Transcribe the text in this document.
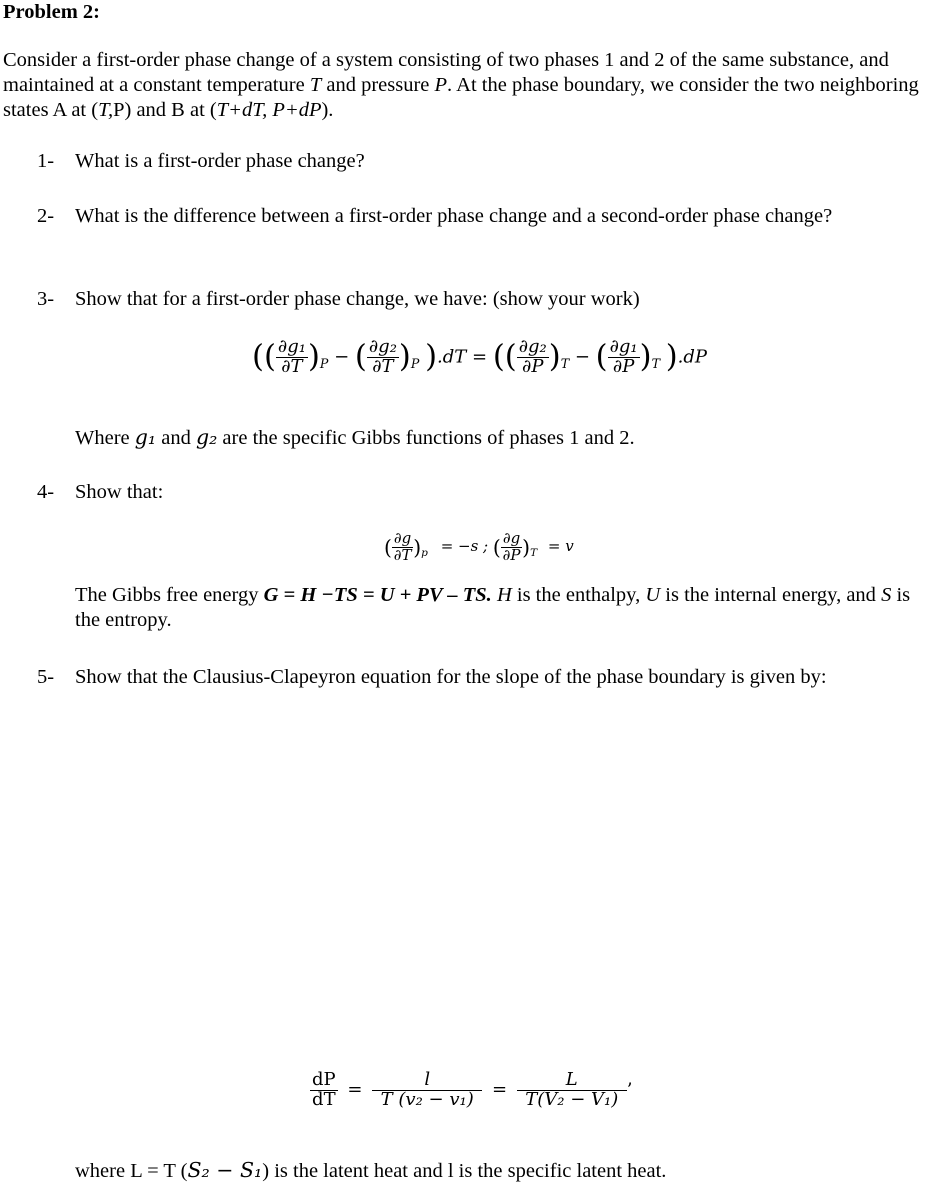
Problem 2:
Consider a first-order phase change of a system consisting of two phases 1 and 2 of the same substance, and maintained at a constant temperature T and pressure P. At the phase boundary, we consider the two neighboring states A at (T,P) and B at (T+dT, P+dP).
1- What is a first-order phase change?
2- What is the difference between a first-order phase change and a second-order phase change?
3- Show that for a first-order phase change, we have: (show your work)
(( $\frac{\text{∂g₁}}{\partial T} )_P$ − ( $\frac{\text{∂g₂}}{\partial T} )_P$ ).dT = (( $\frac{\text{∂g₂}}{\partial P} )_T$ − ( $\frac{\text{∂g₁}}{\partial P} )_T$ ).dP
Where g₁ and g₂ are the specific Gibbs functions of phases 1 and 2.
4- Show that:
( $\frac{\partial g}{\partial T} )_p = -s$ ; ( $\frac{\partial g}{\partial P} )_T = v$
The Gibbs free energy G = H −TS = U + PV – TS. H is the enthalpy, U is the internal energy, and S is the entropy.
5- Show that the Clausius-Clapeyron equation for the slope of the phase boundary is given by:
$\frac{dP}{dT} = \frac{l}{\text{T (v₂ − v₁)}} = \frac{L}{\text{T(V₂ − V₁)}}$ ’
where L = T (S₂ − S₁) is the latent heat and l is the specific latent heat.
